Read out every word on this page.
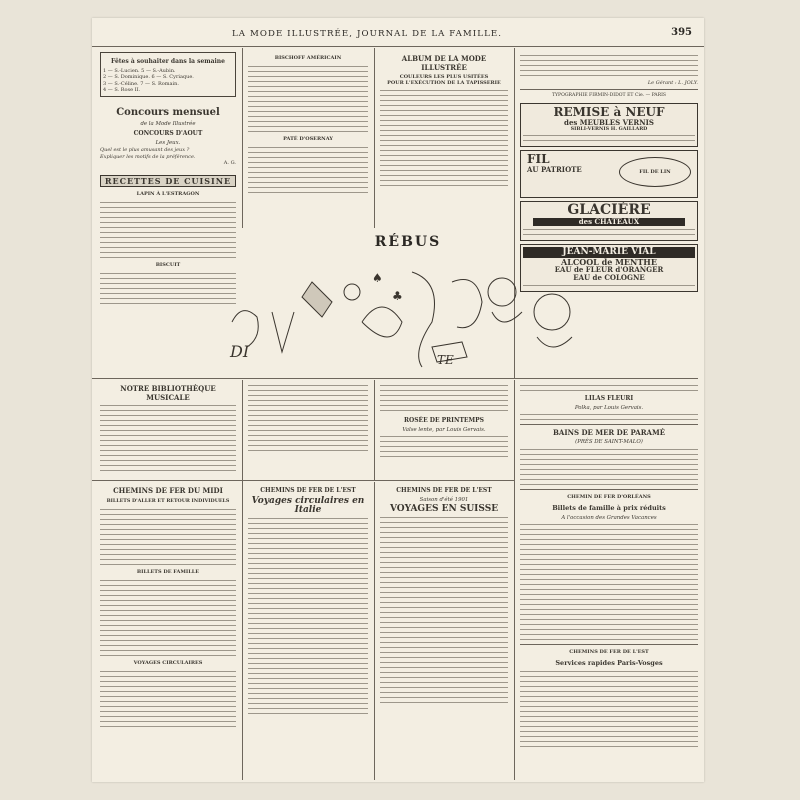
LA MODE ILLUSTRÉE, JOURNAL DE LA FAMILLE.	395
Fêtes à souhaiter dans la semaine
1 — S.-Lucien. 5 — S.-Aubin.
2 — S. Dominique. 6 — S. Cyriaque.
3 — S.-Céline. 7 — S. Romain.
4 — S. Rose II.
Concours mensuel
de la Mode Illustrée
CONCOURS D'AOUT
Les Jeux.
Quel est le plus amusant des jeux ?
Expliquer les motifs de la préférence.
A. G.
RECETTES DE CUISINE
LAPIN À L'ESTRAGON
BISCUIT
BISCHOFF AMÉRICAIN
PATÉ D'OSERNAY
ALBUM DE LA MODE ILLUSTRÉE
COULEURS LES PLUS USITÉES
POUR L'EXÉCUTION DE LA TAPISSERIE
RÉBUS
DI	TE
♠
♣
Le Gérant : L. JOLY.
TYPOGRAPHIE FIRMIN-DIDOT ET Cie. — PARIS
REMISE à NEUF
des MEUBLES VERNIS
SIBLI-VERNIS H. GAILLARD
FIL
FIL DE LIN
AU PATRIOTE
GLACIÈRE
des CHATEAUX
JEAN-MARIE VIAL
ALCOOL de MENTHE
EAU de FLEUR d'ORANGER
EAU de COLOGNE
NOTRE BIBLIOTHÈQUE MUSICALE
ROSÉE DE PRINTEMPS
Valse lente, par Louis Gervais.
LILAS FLEURI
Polka, par Louis Gervais.
BAINS DE MER DE PARAMÉ
(PRÈS DE SAINT-MALO)
CHEMIN DE FER D'ORLÉANS
Billets de famille à prix réduits
A l'occasion des Grandes Vacances
CHEMINS DE FER DE L'EST
Services rapides Paris-Vosges
CHEMINS DE FER DU MIDI
BILLETS D'ALLER ET RETOUR INDIVIDUELS
BILLETS DE FAMILLE
VOYAGES CIRCULAIRES
CHEMINS DE FER DE L'EST
Voyages circulaires en Italie
CHEMINS DE FER DE L'EST
Saison d'été 1901
VOYAGES EN SUISSE
